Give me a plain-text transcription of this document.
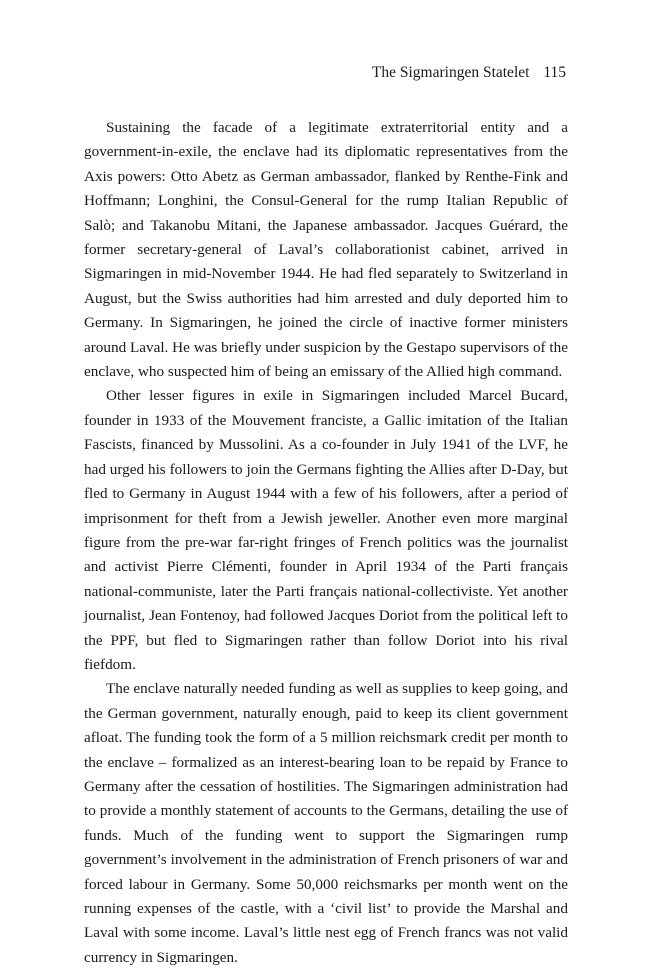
The Sigmaringen Statelet 115

Sustaining the facade of a legitimate extraterritorial entity and a government-in-exile, the enclave had its diplomatic representatives from the Axis powers: Otto Abetz as German ambassador, flanked by Renthe-Fink and Hoffmann; Longhini, the Consul-General for the rump Italian Republic of Salò; and Takanobu Mitani, the Japanese ambassador. Jacques Guérard, the former secretary-general of Laval’s collaborationist cabinet, arrived in Sigmaringen in mid-November 1944. He had fled separately to Switzerland in August, but the Swiss authorities had him arrested and duly deported him to Germany. In Sigmaringen, he joined the circle of inactive former ministers around Laval. He was briefly under suspicion by the Gestapo supervisors of the enclave, who suspected him of being an emissary of the Allied high command.

Other lesser figures in exile in Sigmaringen included Marcel Bucard, founder in 1933 of the Mouvement franciste, a Gallic imitation of the Italian Fascists, financed by Mussolini. As a co-founder in July 1941 of the LVF, he had urged his followers to join the Germans fighting the Allies after D-Day, but fled to Germany in August 1944 with a few of his followers, after a period of imprisonment for theft from a Jewish jeweller. Another even more marginal figure from the pre-war far-right fringes of French politics was the journalist and activist Pierre Clémenti, founder in April 1934 of the Parti français national-communiste, later the Parti français national-collectiviste. Yet another journalist, Jean Fontenoy, had followed Jacques Doriot from the political left to the PPF, but fled to Sigmaringen rather than follow Doriot into his rival fiefdom.

The enclave naturally needed funding as well as supplies to keep going, and the German government, naturally enough, paid to keep its client government afloat. The funding took the form of a 5 million reichsmark credit per month to the enclave – formalized as an interest-bearing loan to be repaid by France to Germany after the cessation of hostilities. The Sigmaringen administration had to provide a monthly statement of accounts to the Germans, detailing the use of funds. Much of the funding went to support the Sigmaringen rump government’s involvement in the administration of French prisoners of war and forced labour in Germany. Some 50,000 reichsmarks per month went on the running expenses of the castle, with a ‘civil list’ to provide the Marshal and Laval with some income. Laval’s little nest egg of French francs was not valid currency in Sigmaringen.
